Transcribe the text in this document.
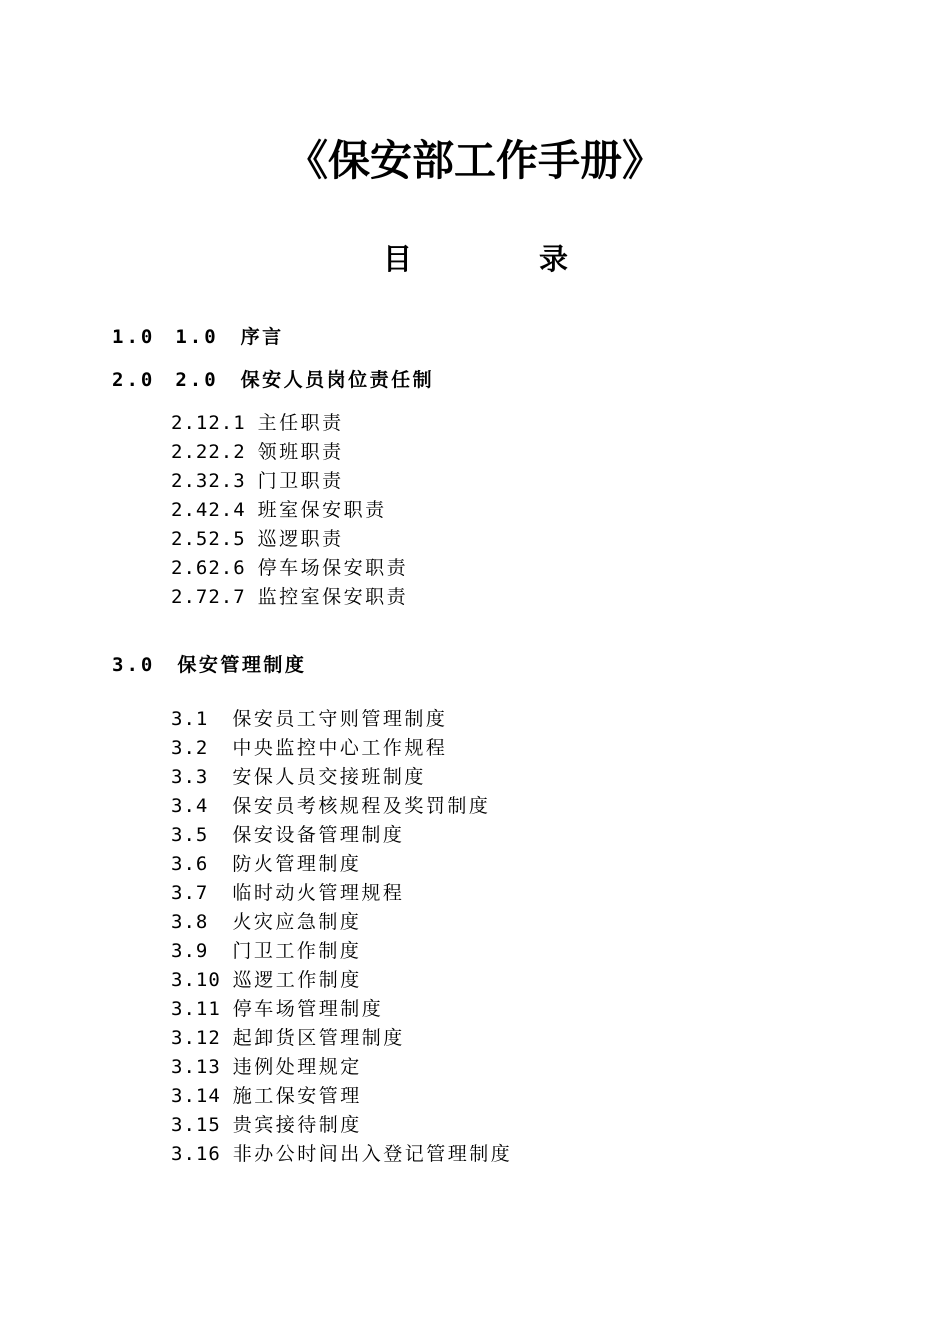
《保安部工作手册》
目	录
1.0 1.0 序言
2.0 2.0 保安人员岗位责任制
2.12.1 主任职责
2.22.2 领班职责
2.32.3 门卫职责
2.42.4 班室保安职责
2.52.5 巡逻职责
2.62.6 停车场保安职责
2.72.7 监控室保安职责
3.0 保安管理制度
3.1 保安员工守则管理制度
3.2 中央监控中心工作规程
3.3 安保人员交接班制度
3.4 保安员考核规程及奖罚制度
3.5 保安设备管理制度
3.6 防火管理制度
3.7 临时动火管理规程
3.8 火灾应急制度
3.9 门卫工作制度
3.10 巡逻工作制度
3.11 停车场管理制度
3.12 起卸货区管理制度
3.13 违例处理规定
3.14 施工保安管理
3.15 贵宾接待制度
3.16 非办公时间出入登记管理制度
